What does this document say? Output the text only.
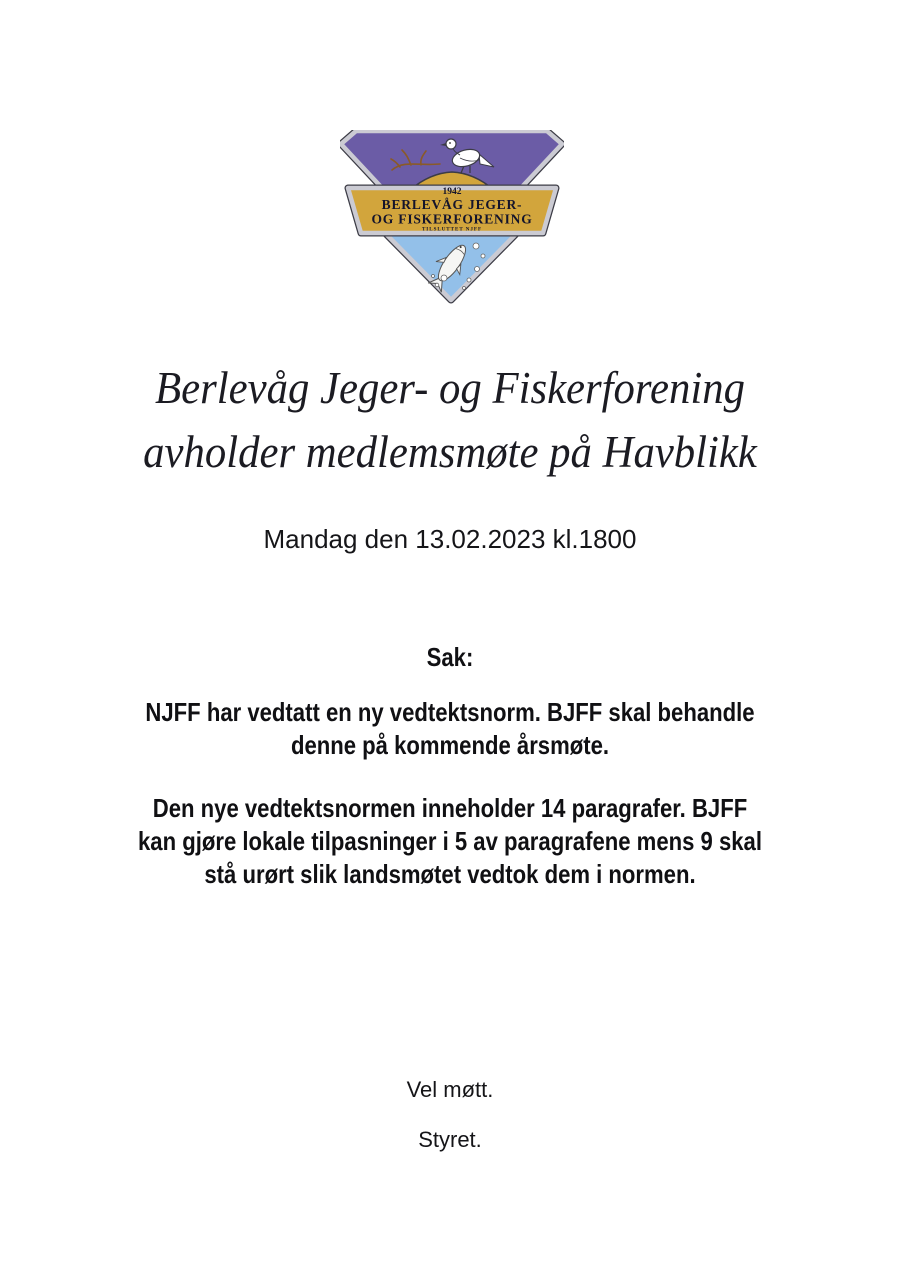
1942
BERLEVÅG JEGER-
OG FISKERFORENING
TILSLUTTET NJFF
Berlevåg Jeger- og Fiskerforening
avholder medlemsmøte på Havblikk
Mandag den 13.02.2023 kl.1800
Sak:
NJFF har vedtatt en ny vedtektsnorm. BJFF skal behandle
denne på kommende årsmøte.
Den nye vedtektsnormen inneholder 14 paragrafer. BJFF
kan gjøre lokale tilpasninger i 5 av paragrafene mens 9 skal
stå urørt slik landsmøtet vedtok dem i normen.
Vel møtt.
Styret.
